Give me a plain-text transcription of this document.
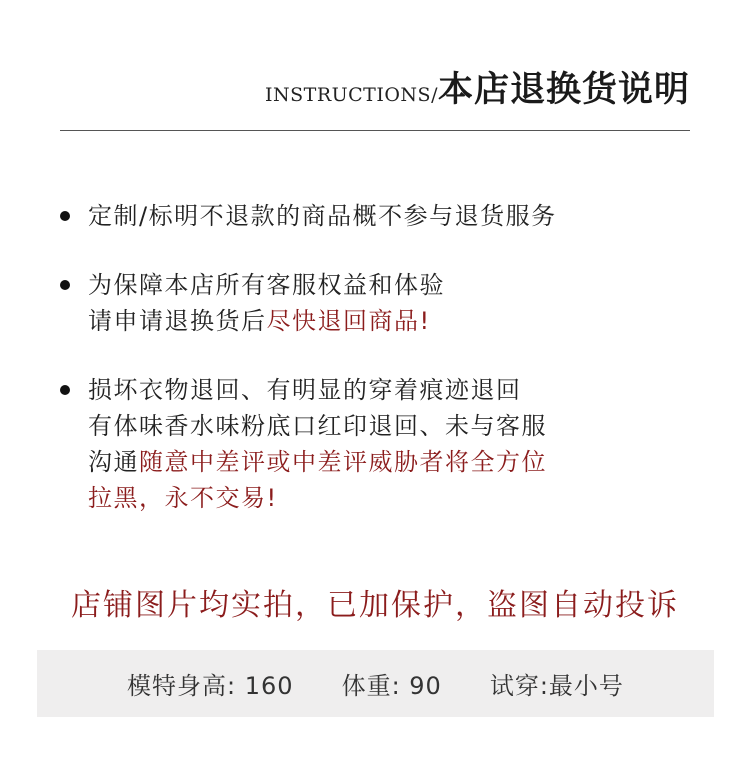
INSTRUCTIONS/本店退换货说明
定制/标明不退款的商品概不参与退货服务
为保障本店所有客服权益和体验
请申请退换货后尽快退回商品!
损坏衣物退回、有明显的穿着痕迹退回
有体味香水味粉底口红印退回、未与客服
沟通随意中差评或中差评威胁者将全方位
拉黑，永不交易!
店铺图片均实拍，已加保护，盗图自动投诉
模特身高: 160 体重: 90 试穿:最小号
